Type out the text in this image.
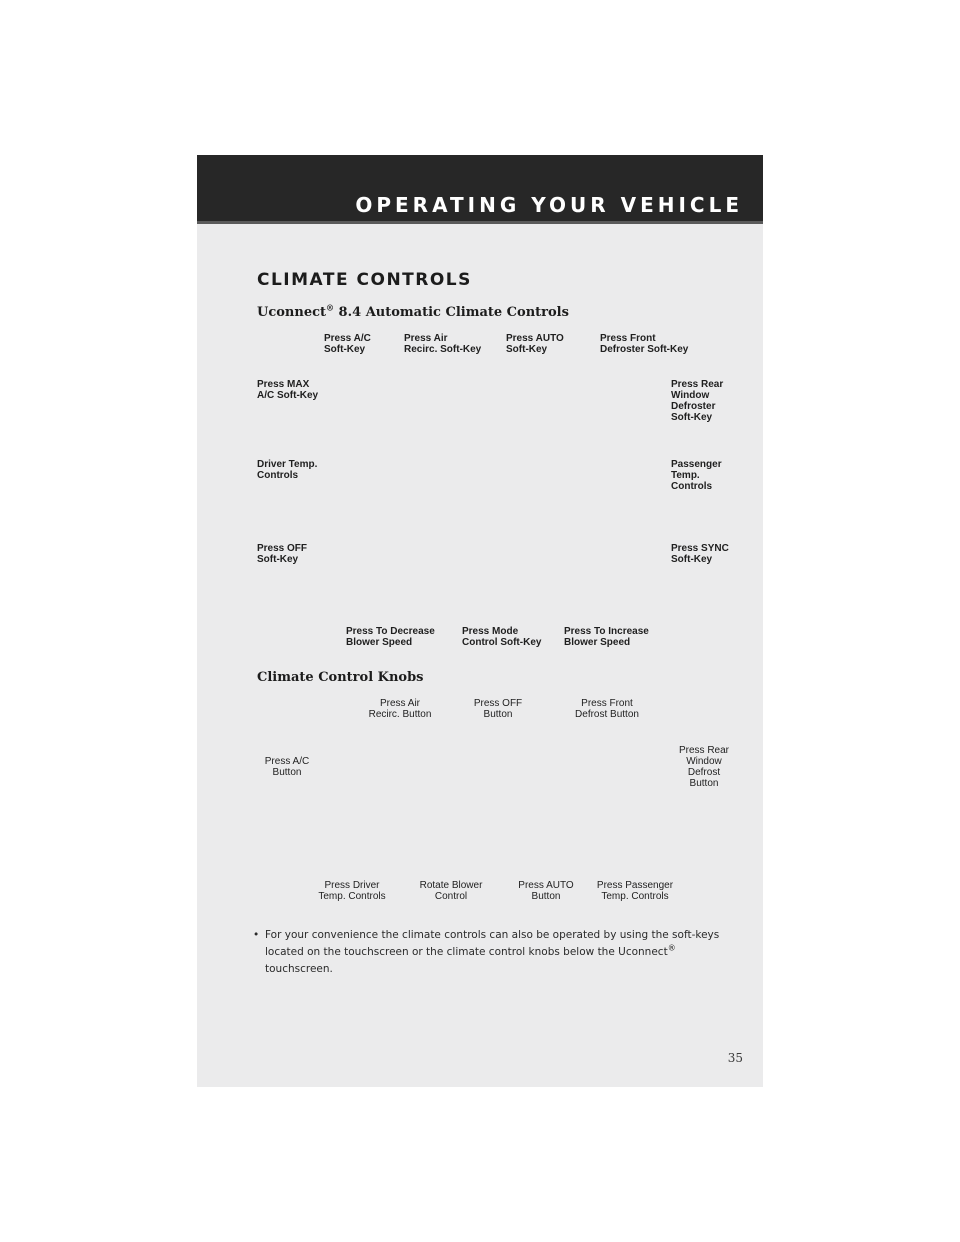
OPERATING YOUR VEHICLE
CLIMATE CONTROLS
Uconnect® 8.4 Automatic Climate Controls
Press A/C
Soft-Key
Press Air
Recirc. Soft-Key
Press AUTO
Soft-Key
Press Front
Defroster Soft-Key
Press MAX
A/C Soft-Key
Press Rear
Window
Defroster
Soft-Key
Driver Temp.
Controls
Passenger
Temp.
Controls
Press OFF
Soft-Key
Press SYNC
Soft-Key
Press To Decrease
Blower Speed
Press Mode
Control Soft-Key
Press To Increase
Blower Speed
Climate Control Knobs
Press Air
Recirc. Button
Press OFF
Button
Press Front
Defrost Button
Press A/C
Button
Press Rear
Window
Defrost
Button
Press Driver
Temp. Controls
Rotate Blower
Control
Press AUTO
Button
Press Passenger
Temp. Controls
• For your convenience the climate controls can also be operated by using the soft-keys located on the touchscreen or the climate control knobs below the Uconnect® touchscreen.
35
